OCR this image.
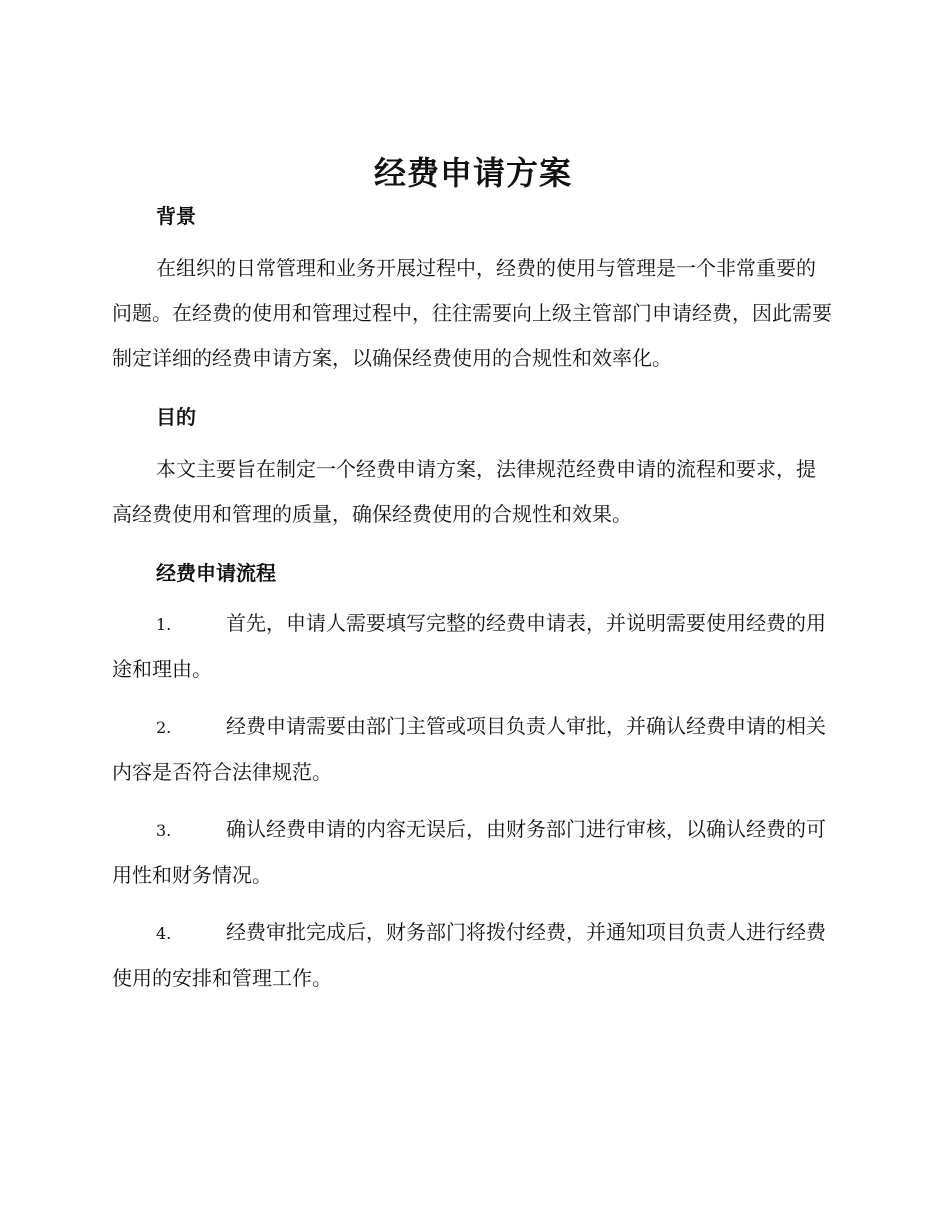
经费申请方案
背景

在组织的日常管理和业务开展过程中，经费的使用与管理是一个非常重要的问题。在经费的使用和管理过程中，往往需要向上级主管部门申请经费，因此需要制定详细的经费申请方案，以确保经费使用的合规性和效率化。

目的

本文主要旨在制定一个经费申请方案，法律规范经费申请的流程和要求，提高经费使用和管理的质量，确保经费使用的合规性和效果。

经费申请流程
1.	首先，申请人需要填写完整的经费申请表，并说明需要使用经费的用途和理由。
2.	经费申请需要由部门主管或项目负责人审批，并确认经费申请的相关内容是否符合法律规范。
3.	确认经费申请的内容无误后，由财务部门进行审核，以确认经费的可用性和财务情况。
4.	经费审批完成后，财务部门将拨付经费，并通知项目负责人进行经费使用的安排和管理工作。
